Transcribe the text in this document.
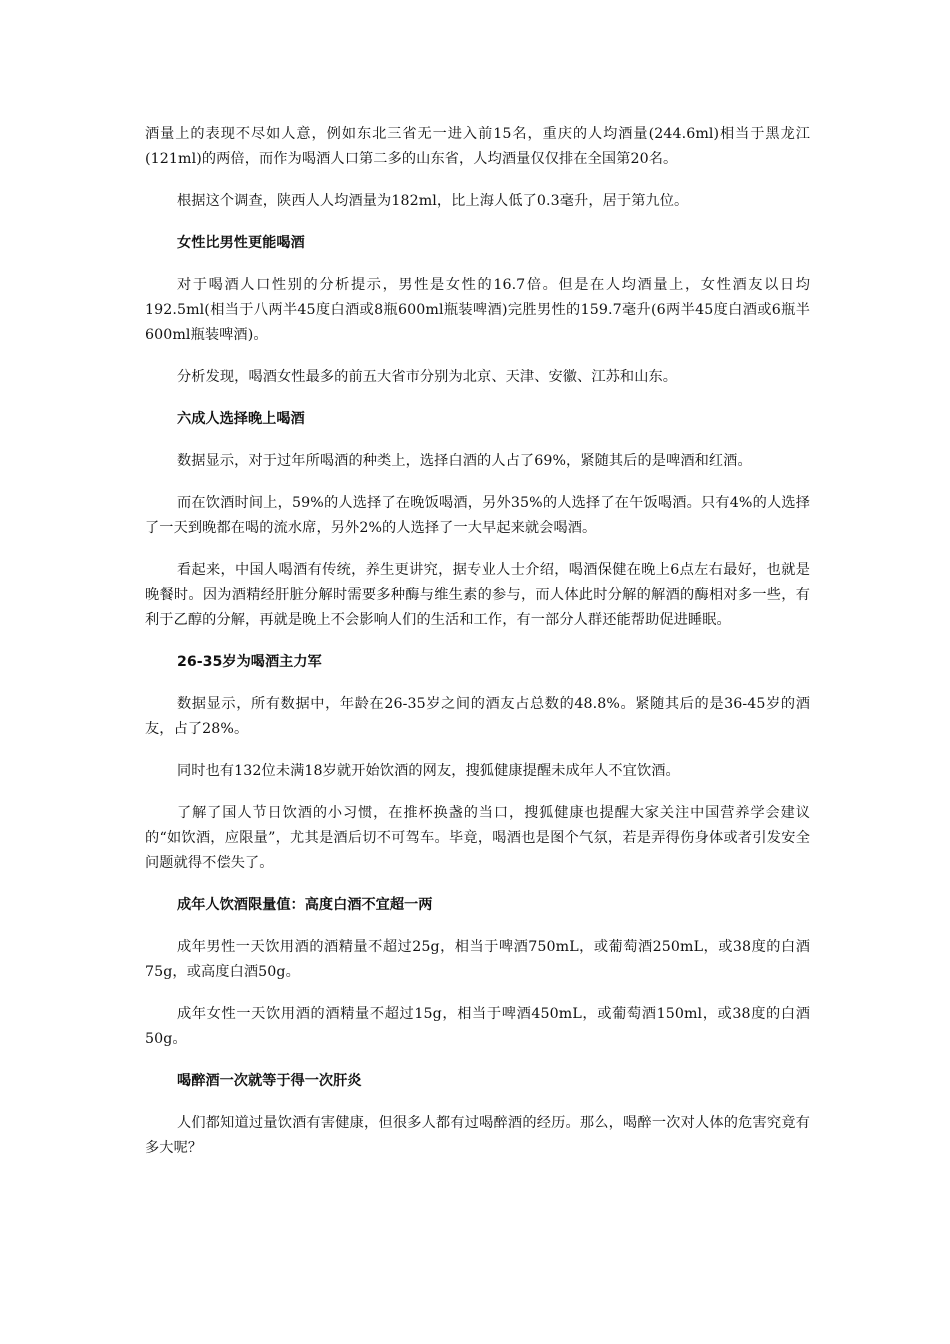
酒量上的表现不尽如人意，例如东北三省无一进入前15名，重庆的人均酒量(244.6ml)相当于黑龙江(121ml)的两倍，而作为喝酒人口第二多的山东省，人均酒量仅仅排在全国第20名。

根据这个调查，陕西人人均酒量为182ml，比上海人低了0.3毫升，居于第九位。

女性比男性更能喝酒

对于喝酒人口性别的分析提示，男性是女性的16.7倍。但是在人均酒量上，女性酒友以日均192.5ml(相当于八两半45度白酒或8瓶600ml瓶装啤酒)完胜男性的159.7毫升(6两半45度白酒或6瓶半600ml瓶装啤酒)。

分析发现，喝酒女性最多的前五大省市分别为北京、天津、安徽、江苏和山东。

六成人选择晚上喝酒

数据显示，对于过年所喝酒的种类上，选择白酒的人占了69%，紧随其后的是啤酒和红酒。

而在饮酒时间上，59%的人选择了在晚饭喝酒，另外35%的人选择了在午饭喝酒。只有4%的人选择了一天到晚都在喝的流水席，另外2%的人选择了一大早起来就会喝酒。

看起来，中国人喝酒有传统，养生更讲究，据专业人士介绍，喝酒保健在晚上6点左右最好，也就是晚餐时。因为酒精经肝脏分解时需要多种酶与维生素的参与，而人体此时分解的解酒的酶相对多一些，有利于乙醇的分解，再就是晚上不会影响人们的生活和工作，有一部分人群还能帮助促进睡眠。

26-35岁为喝酒主力军

数据显示，所有数据中，年龄在26-35岁之间的酒友占总数的48.8%。紧随其后的是36-45岁的酒友，占了28%。

同时也有132位未满18岁就开始饮酒的网友，搜狐健康提醒未成年人不宜饮酒。

了解了国人节日饮酒的小习惯，在推杯换盏的当口，搜狐健康也提醒大家关注中国营养学会建议的“如饮酒，应限量”，尤其是酒后切不可驾车。毕竟，喝酒也是图个气氛，若是弄得伤身体或者引发安全问题就得不偿失了。

成年人饮酒限量值：高度白酒不宜超一两

成年男性一天饮用酒的酒精量不超过25g，相当于啤酒750mL，或葡萄酒250mL，或38度的白酒75g，或高度白酒50g。

成年女性一天饮用酒的酒精量不超过15g，相当于啤酒450mL，或葡萄酒150ml，或38度的白酒50g。

喝醉酒一次就等于得一次肝炎

人们都知道过量饮酒有害健康，但很多人都有过喝醉酒的经历。那么，喝醉一次对人体的危害究竟有多大呢？
